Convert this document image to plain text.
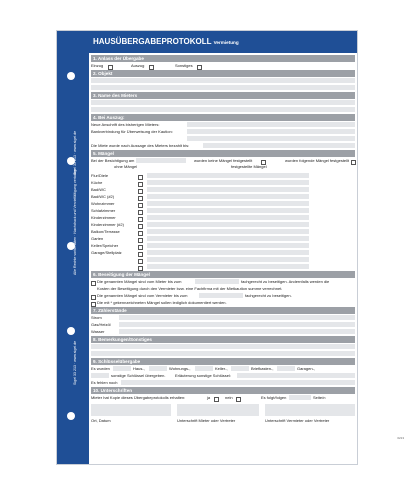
Alle Rechte vorbehalten · Nachdruck und Vervielfältigung verboten
Sigel 33 213 · www.sigel.de
Sigel 33 213 · www.sigel.de
HAUSÜBERGABEPROTOKOLL Vermietung
1. Anlass der Übergabe
Einzug	Auszug	Sonstiges
2. Objekt
3. Name des Mieters
4. Bei Auszug:
Neue Anschrift des bisherigen Mieters:
Bankverbindung für Überweisung der Kaution:
Die Miete wurde nach Aussage des Mieters bezahlt bis:
5. Mängel
Bei der Besichtigung am	wurden keine Mängel festgestellt	wurden folgende Mängel festgestellt
ohne Mängel	festgestellte Mängel
Flur/Diele
Küche
Bad/WC
Bad/WC (#2)
Wohnzimmer
Schlafzimmer
Kinderzimmer
Kinderzimmer (#2)
Balkon/Terrasse
Garten
Keller/Speicher
Garage/Stellplatz
6. Beseitigung der Mängel
Die genannten Mängel sind vom Mieter bis zum	fachgerecht zu beseitigen. Andernfalls werden die
Kosten der Beseitigung durch den Vermieter bzw. eine Fachfirma mit der Mietkaution summe verrechnet.
Die genannten Mängel sind vom Vermieter bis zum	fachgerecht zu beseitigen.
Die mit * gekennzeichneten Mängel sollen lediglich dokumentiert werden.
7. Zählerstände
Strom
Gas/Heizöl
Wasser
8. Bemerkungen/Sonstiges
9. Schlüsselübergabe
Es wurden	Haus-,	Wohnungs-,	Keller-,	Briefkasten-,	Garagen-,
sonstige Schlüssel übergeben. Erläuterung sonstige Schlüssel:
Es fehlen noch
10. Unterschriften
Mieter hat Kopie dieses Übergabeprotokolls erhalten:	ja	nein	Es folgt/folgen	Seite/n
Ort, Datum	Unterschrift Mieter oder Vertreter	Unterschrift Vermieter oder Vertreter
0213
